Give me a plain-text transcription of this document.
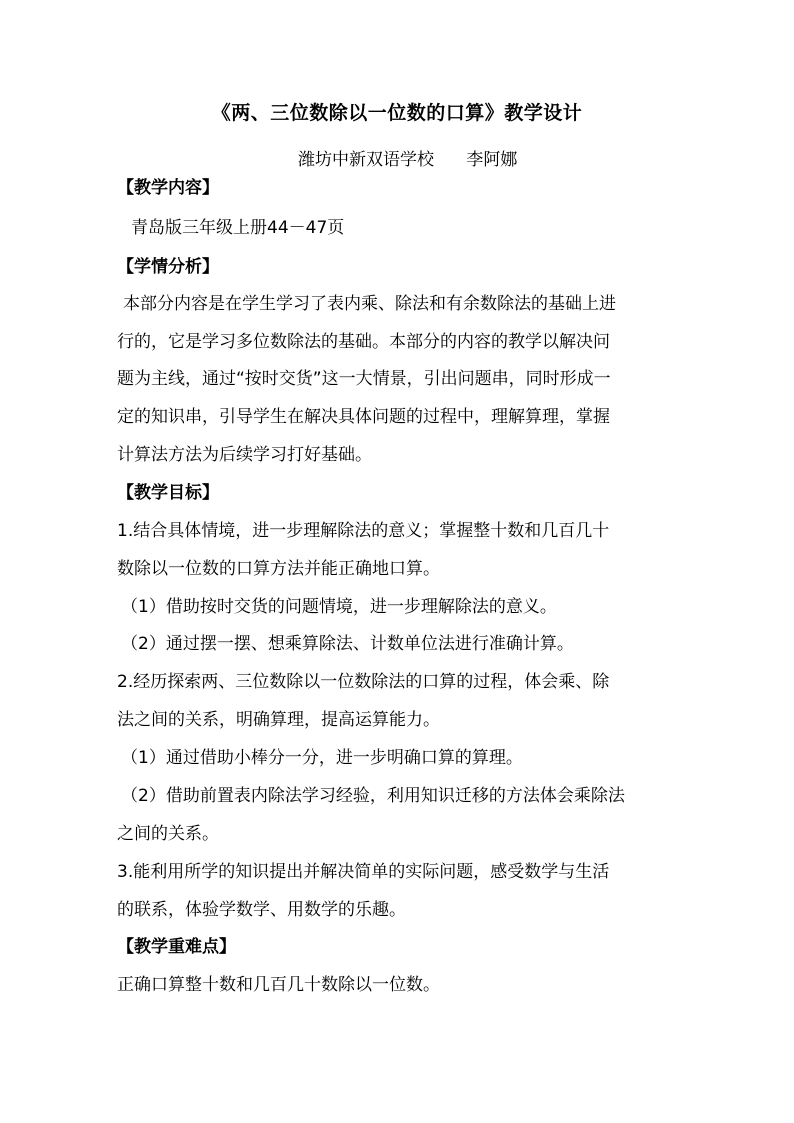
《两、三位数除以一位数的口算》教学设计
潍坊中新双语学校      李阿娜
【教学内容】
青岛版三年级上册44－47页
【学情分析】
本部分内容是在学生学习了表内乘、除法和有余数除法的基础上进
行的，它是学习多位数除法的基础。本部分的内容的教学以解决问
题为主线，通过“按时交货”这一大情景，引出问题串，同时形成一
定的知识串，引导学生在解决具体问题的过程中，理解算理，掌握
计算法方法为后续学习打好基础。
【教学目标】
1.结合具体情境，进一步理解除法的意义；掌握整十数和几百几十
数除以一位数的口算方法并能正确地口算。
（1）借助按时交货的问题情境，进一步理解除法的意义。
（2）通过摆一摆、想乘算除法、计数单位法进行准确计算。
2.经历探索两、三位数除以一位数除法的口算的过程，体会乘、除
法之间的关系，明确算理，提高运算能力。
（1）通过借助小棒分一分，进一步明确口算的算理。
（2）借助前置表内除法学习经验，利用知识迁移的方法体会乘除法
之间的关系。
3.能利用所学的知识提出并解决简单的实际问题，感受数学与生活
的联系，体验学数学、用数学的乐趣。
【教学重难点】
正确口算整十数和几百几十数除以一位数。
